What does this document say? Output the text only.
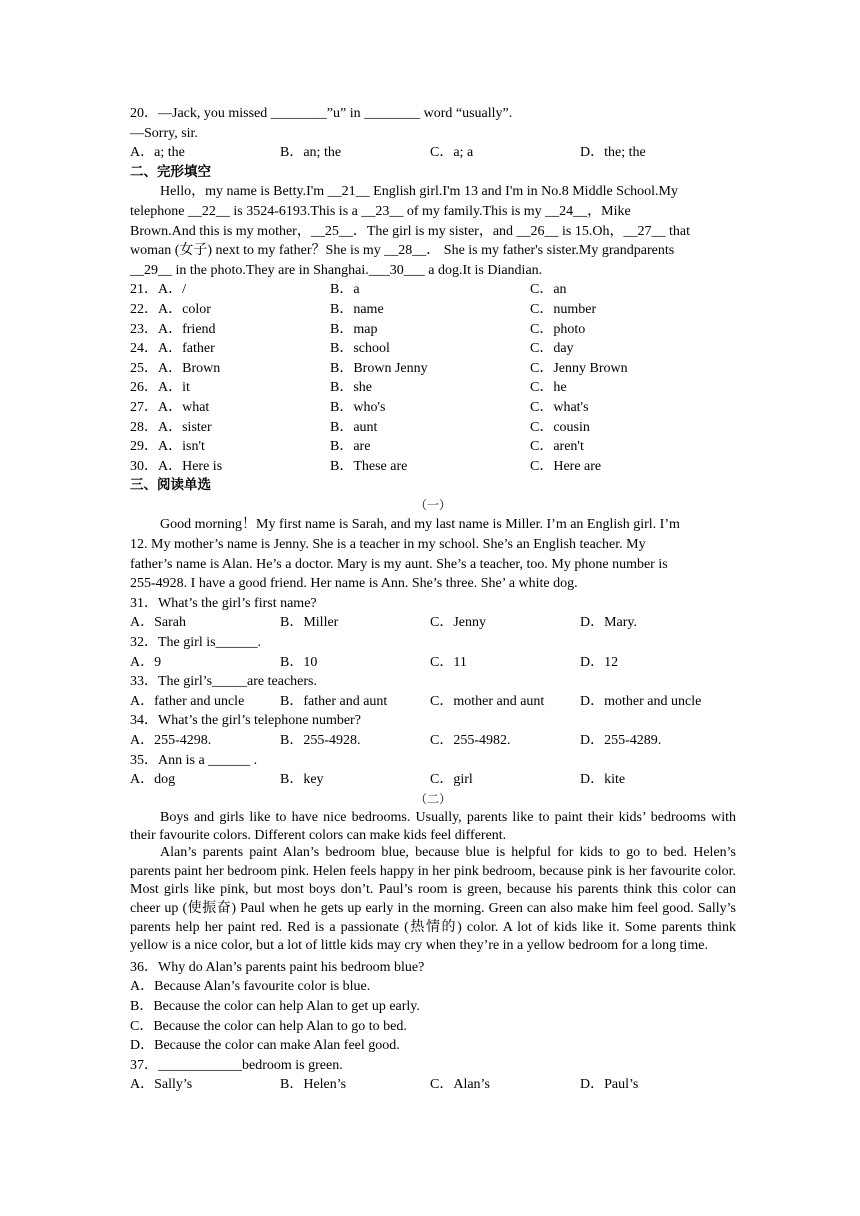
20．—Jack, you missed ________”u” in ________ word “usually”.
—Sorry, sir.
A．a; the	B．an; the	C．a; a	D．the; the
二、完形填空
Hello，my name is Betty.I'm __21__ English girl.I'm 13 and I'm in No.8 Middle School.My
telephone __22__ is 3524-6193.This is a __23__ of my family.This is my __24__，Mike
Brown.And this is my mother，__25__．The girl is my sister，and __26__ is 15.Oh，__27__ that
woman (女子) next to my father？She is my __28__． She is my father's sister.My grandparents
__29__ in the photo.They are in Shanghai.___30___ a dog.It is Diandian.
21．A．/	B．a	C．an
22．A．color	B．name	C．number
23．A．friend	B．map	C．photo
24．A．father	B．school	C．day
25．A．Brown	B．Brown Jenny	C．Jenny Brown
26．A．it	B．she	C．he
27．A．what	B．who's	C．what's
28．A．sister	B．aunt	C．cousin
29．A．isn't	B．are	C．aren't
30．A．Here is	B．These are	C．Here are
三、阅读单选
（一）
Good morning！My first name is Sarah, and my last name is Miller. I’m an English girl. I’m
12. My mother’s name is Jenny. She is a teacher in my school. She’s an English teacher. My
father’s name is Alan. He’s a doctor. Mary is my aunt. She’s a teacher, too. My phone number is
255-4928. I have a good friend. Her name is Ann. She’s three. She’ a white dog.
31．What’s the girl’s first name?
A．Sarah	B．Miller	C．Jenny	D．Mary.
32．The girl is______.
A．9	B．10	C．11	D．12
33．The girl’s_____are teachers.
A．father and uncle	B．father and aunt	C．mother and aunt	D．mother and uncle
34．What’s the girl’s telephone number?
A．255-4298.	B．255-4928.	C．255-4982.	D．255-4289.
35．Ann is a ______ .
A．dog	B．key	C．girl	D．kite
（二）
Boys and girls like to have nice bedrooms. Usually, parents like to paint their kids’ bedrooms with their favourite colors. Different colors can make kids feel different.
Alan’s parents paint Alan’s bedroom blue, because blue is helpful for kids to go to bed. Helen’s parents paint her bedroom pink. Helen feels happy in her pink bedroom, because pink is her favourite color. Most girls like pink, but most boys don’t. Paul’s room is green, because his parents think this color can cheer up (使振奋) Paul when he gets up early in the morning. Green can also make him feel good. Sally’s parents help her paint red. Red is a passionate (热情的) color. A lot of kids like it. Some parents think yellow is a nice color, but a lot of little kids may cry when they’re in a yellow bedroom for a long time.
36．Why do Alan’s parents paint his bedroom blue?
A．Because Alan’s favourite color is blue.
B．Because the color can help Alan to get up early.
C．Because the color can help Alan to go to bed.
D．Because the color can make Alan feel good.
37．____________bedroom is green.
A．Sally’s	B．Helen’s	C．Alan’s	D．Paul’s
